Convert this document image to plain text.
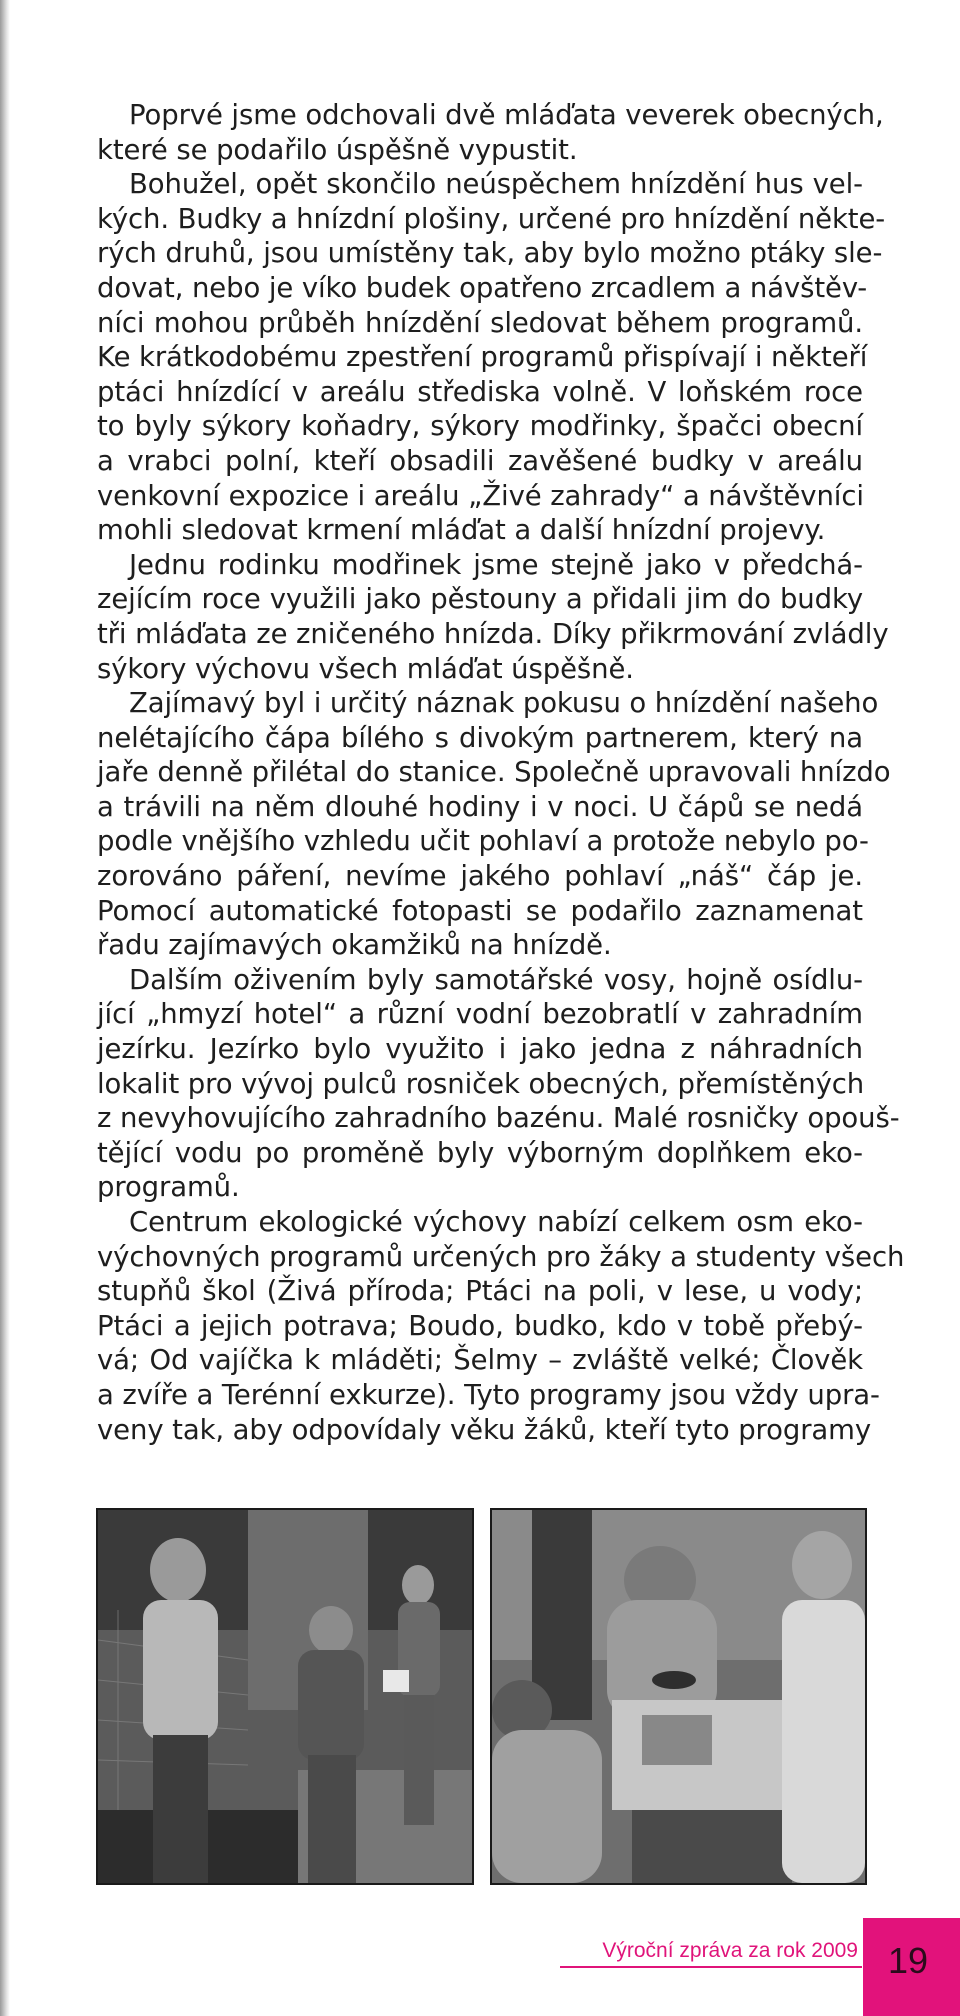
Poprvé jsme odchovali dvě mláďata veverek obecných,
které se podařilo úspěšně vypustit.
Bohužel, opět skončilo neúspěchem hnízdění hus vel-
kých. Budky a hnízdní plošiny, určené pro hnízdění někte-
rých druhů, jsou umístěny tak, aby bylo možno ptáky sle-
dovat, nebo je víko budek opatřeno zrcadlem a návštěv-
níci mohou průběh hnízdění sledovat během programů.
Ke krátkodobému zpestření programů přispívají i někteří
ptáci hnízdící v areálu střediska volně. V loňském roce
to byly sýkory koňadry, sýkory modřinky, špačci obecní
a vrabci polní, kteří obsadili zavěšené budky v areálu
venkovní expozice i areálu „Živé zahrady“ a návštěvníci
mohli sledovat krmení mláďat a další hnízdní projevy.
Jednu rodinku modřinek jsme stejně jako v předchá-
zejícím roce využili jako pěstouny a přidali jim do budky
tři mláďata ze zničeného hnízda. Díky přikrmování zvládly
sýkory výchovu všech mláďat úspěšně.
Zajímavý byl i určitý náznak pokusu o hnízdění našeho
nelétajícího čápa bílého s divokým partnerem, který na
jaře denně přilétal do stanice. Společně upravovali hnízdo
a trávili na něm dlouhé hodiny i v noci. U čápů se nedá
podle vnějšího vzhledu učit pohlaví a protože nebylo po-
zorováno páření, nevíme jakého pohlaví „náš“ čáp je.
Pomocí automatické fotopasti se podařilo zaznamenat
řadu zajímavých okamžiků na hnízdě.
Dalším oživením byly samotářské vosy, hojně osídlu-
jící „hmyzí hotel“ a různí vodní bezobratlí v zahradním
jezírku. Jezírko bylo využito i jako jedna z náhradních
lokalit pro vývoj pulců rosniček obecných, přemístěných
z nevyhovujícího zahradního bazénu. Malé rosničky opouš-
tějící vodu po proměně byly výborným doplňkem eko-
programů.
Centrum ekologické výchovy nabízí celkem osm eko-
výchovných programů určených pro žáky a studenty všech
stupňů škol (Živá příroda; Ptáci na poli, v lese, u vody;
Ptáci a jejich potrava; Boudo, budko, kdo v tobě přebý-
vá; Od vajíčka k mláděti; Šelmy – zvláště velké; Člověk
a zvíře a Terénní exkurze). Tyto programy jsou vždy upra-
veny tak, aby odpovídaly věku žáků, kteří tyto programy
Výroční zpráva za rok 2009 19
